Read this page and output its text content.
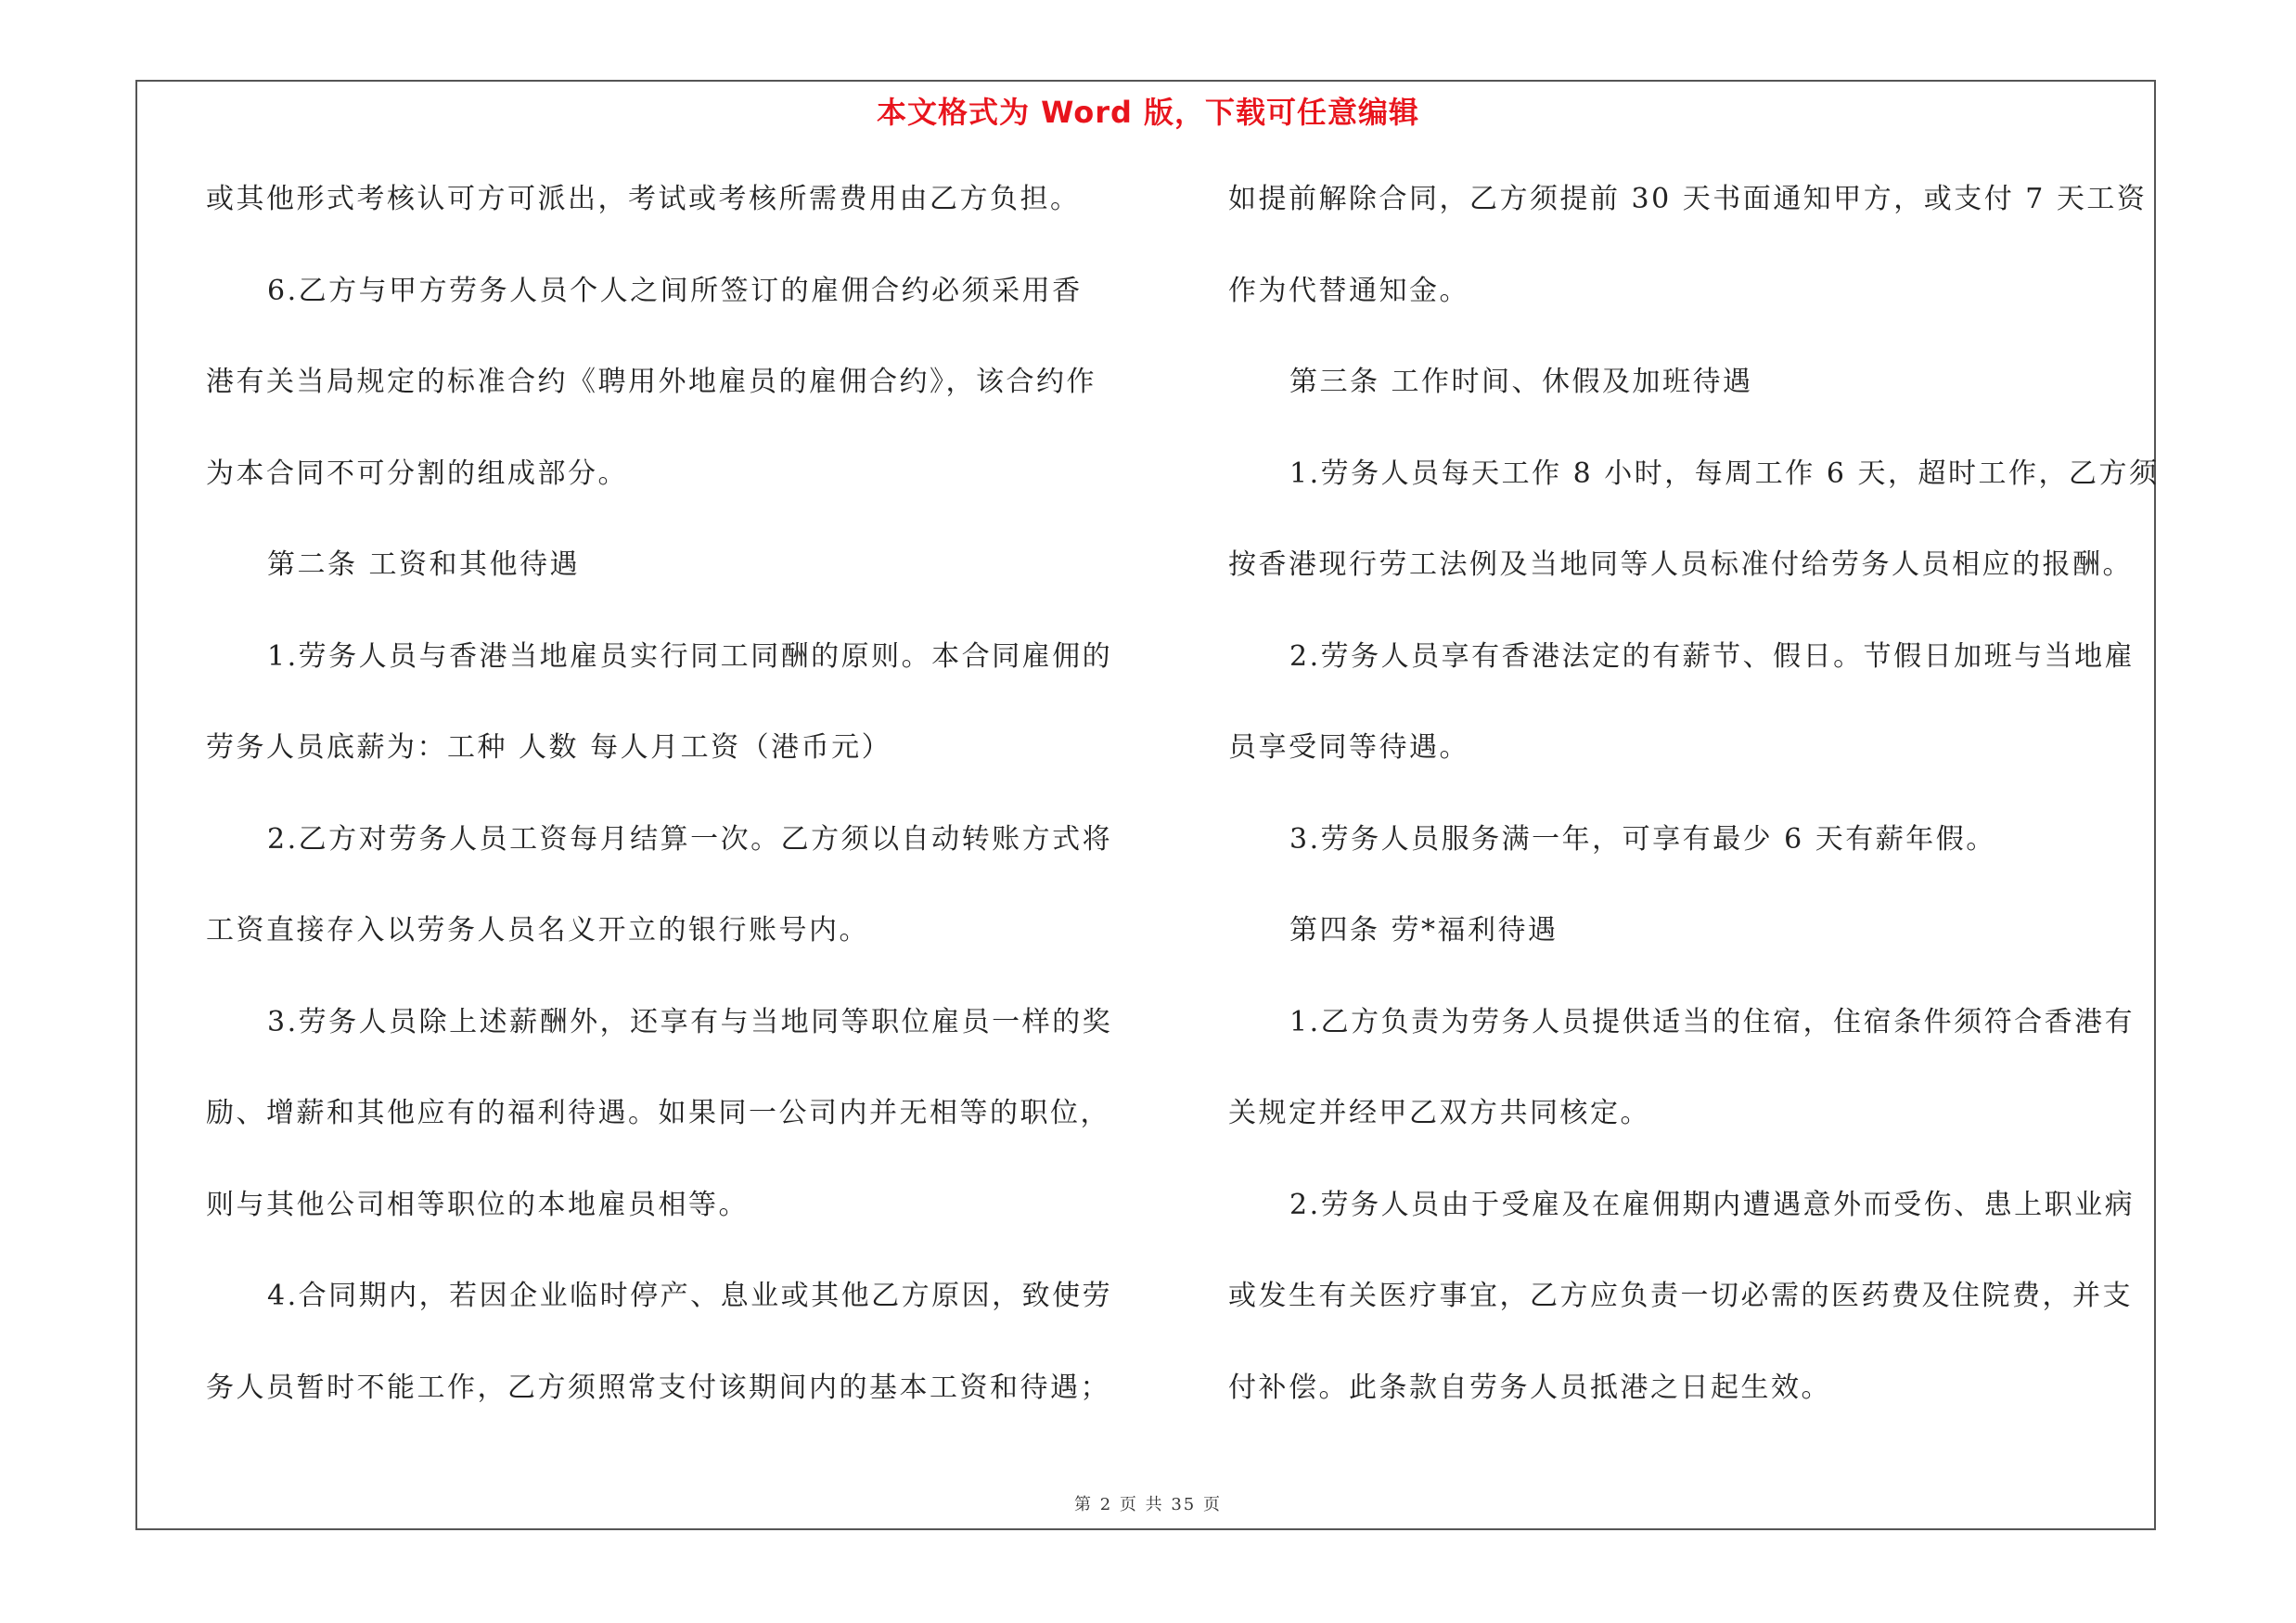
本文格式为 Word 版，下载可任意编辑
或其他形式考核认可方可派出，考试或考核所需费用由乙方负担。
6.乙方与甲方劳务人员个人之间所签订的雇佣合约必须采用香
港有关当局规定的标准合约《聘用外地雇员的雇佣合约》，该合约作
为本合同不可分割的组成部分。
第二条 工资和其他待遇
1.劳务人员与香港当地雇员实行同工同酬的原则。本合同雇佣的
劳务人员底薪为：工种 人数 每人月工资（港币元）
2.乙方对劳务人员工资每月结算一次。乙方须以自动转账方式将
工资直接存入以劳务人员名义开立的银行账号内。
3.劳务人员除上述薪酬外，还享有与当地同等职位雇员一样的奖
励、增薪和其他应有的福利待遇。如果同一公司内并无相等的职位，
则与其他公司相等职位的本地雇员相等。
4.合同期内，若因企业临时停产、息业或其他乙方原因，致使劳
务人员暂时不能工作，乙方须照常支付该期间内的基本工资和待遇；
如提前解除合同，乙方须提前 30 天书面通知甲方，或支付 7 天工资
作为代替通知金。
第三条 工作时间、休假及加班待遇
1.劳务人员每天工作 8 小时，每周工作 6 天，超时工作，乙方须
按香港现行劳工法例及当地同等人员标准付给劳务人员相应的报酬。
2.劳务人员享有香港法定的有薪节、假日。节假日加班与当地雇
员享受同等待遇。
3.劳务人员服务满一年，可享有最少 6 天有薪年假。
第四条 劳*福利待遇
1.乙方负责为劳务人员提供适当的住宿，住宿条件须符合香港有
关规定并经甲乙双方共同核定。
2.劳务人员由于受雇及在雇佣期内遭遇意外而受伤、患上职业病
或发生有关医疗事宜，乙方应负责一切必需的医药费及住院费，并支
付补偿。此条款自劳务人员抵港之日起生效。
第 2 页 共 35 页
